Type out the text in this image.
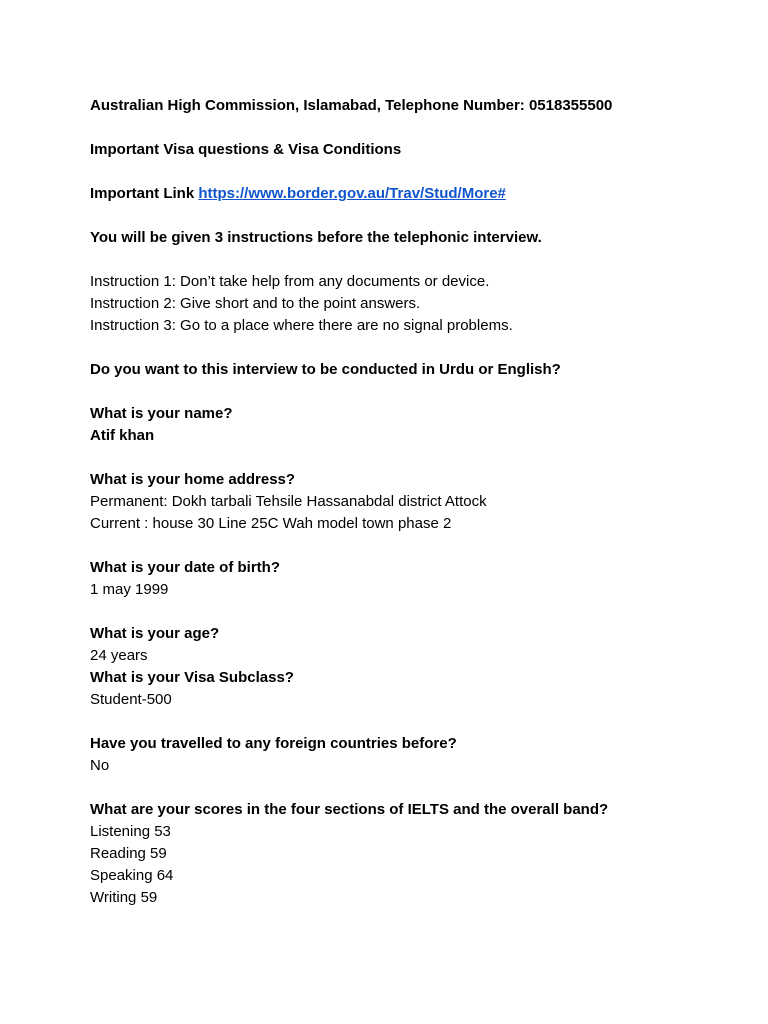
Australian High Commission, Islamabad, Telephone Number: 0518355500

Important Visa questions & Visa Conditions

Important Link https://www.border.gov.au/Trav/Stud/More#

You will be given 3 instructions before the telephonic interview.

Instruction 1: Don’t take help from any documents or device.

Instruction 2: Give short and to the point answers.

Instruction 3: Go to a place where there are no signal problems.

Do you want to this interview to be conducted in Urdu or English?

What is your name?

Atif khan

What is your home address?

Permanent: Dokh tarbali Tehsile Hassanabdal district Attock

Current : house 30 Line 25C Wah model town phase 2

What is your date of birth?

1 may 1999

What is your age?

24 years

What is your Visa Subclass?

Student-500

Have you travelled to any foreign countries before?

No

What are your scores in the four sections of IELTS and the overall band?

Listening 53

Reading 59

Speaking 64

Writing 59
